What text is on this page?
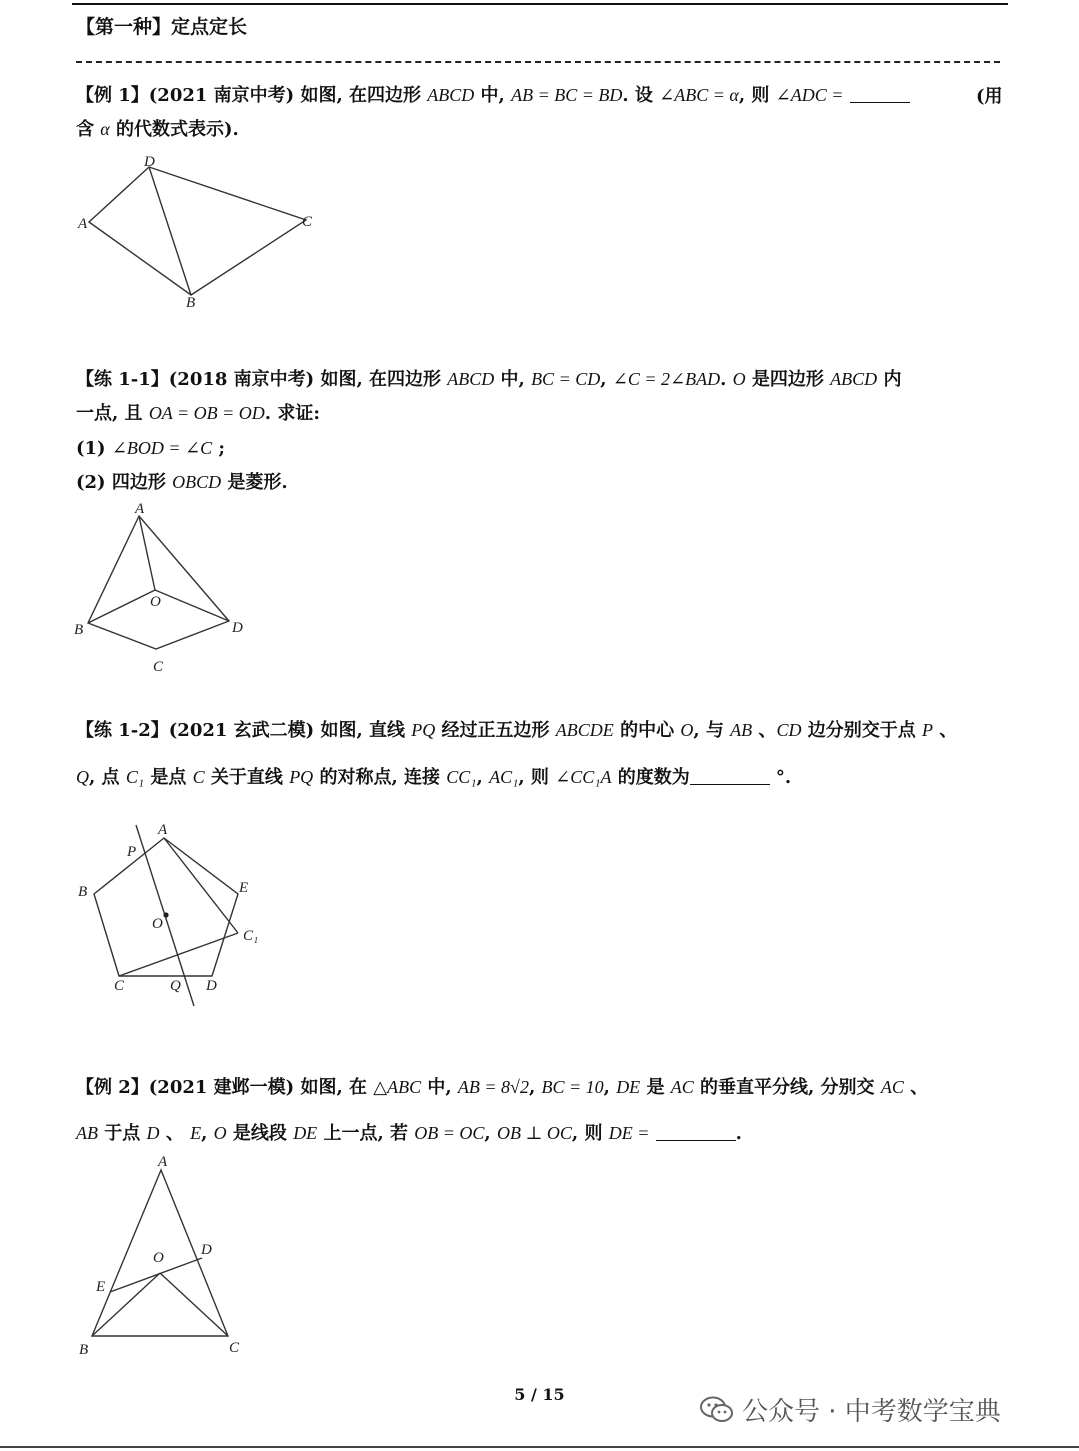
【第一种】定点定长
【例 1】(2021 南京中考) 如图, 在四边形 ABCD 中, AB = BC = BD. 设 ∠ABC = α, 则 ∠ADC =	(用
含 α 的代数式表示).
A
D
C
B
【练 1-1】(2018 南京中考) 如图, 在四边形 ABCD 中, BC = CD, ∠C = 2∠BAD. O 是四边形 ABCD 内
一点, 且 OA = OB = OD. 求证:
(1) ∠BOD = ∠C ;
(2) 四边形 OBCD 是菱形.
A
O
B	D
C
【练 1-2】(2021 玄武二模) 如图, 直线 PQ 经过正五边形 ABCDE 的中心 O, 与 AB 、CD 边分别交于点 P 、
Q, 点 C₁ 是点 C 关于直线 PQ 的对称点, 连接 CC₁, AC₁, 则 ∠CC₁A 的度数为	°.
A
P
B	E
O
C₁
C	Q D
【例 2】(2021 建邺一模) 如图, 在 △ABC 中, AB = 8√2, BC = 10, DE 是 AC 的垂直平分线, 分别交 AC 、
AB 于点 D 、 E, O 是线段 DE 上一点, 若 OB = OC, OB ⊥ OC, 则 DE =	.
A
D
O
E
B	C
5 / 15
公众号 · 中考数学宝典
